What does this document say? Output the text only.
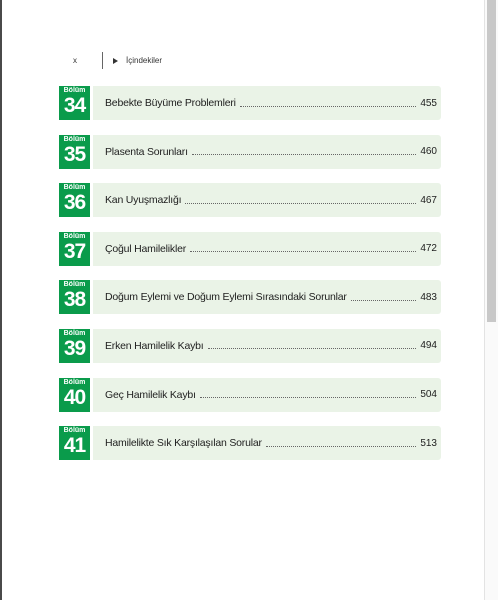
x	İçindekiler
Bölüm
34	Bebekte Büyüme Problemleri	455
Bölüm
35	Plasenta Sorunları	460
Bölüm
36	Kan Uyuşmazlığı	467
Bölüm
37	Çoğul Hamilelikler	472
Bölüm
38	Doğum Eylemi ve Doğum Eylemi Sırasındaki Sorunlar	483
Bölüm
39	Erken Hamilelik Kaybı	494
Bölüm
40	Geç Hamilelik Kaybı	504
Bölüm
41	Hamilelikte Sık Karşılaşılan Sorular	513
